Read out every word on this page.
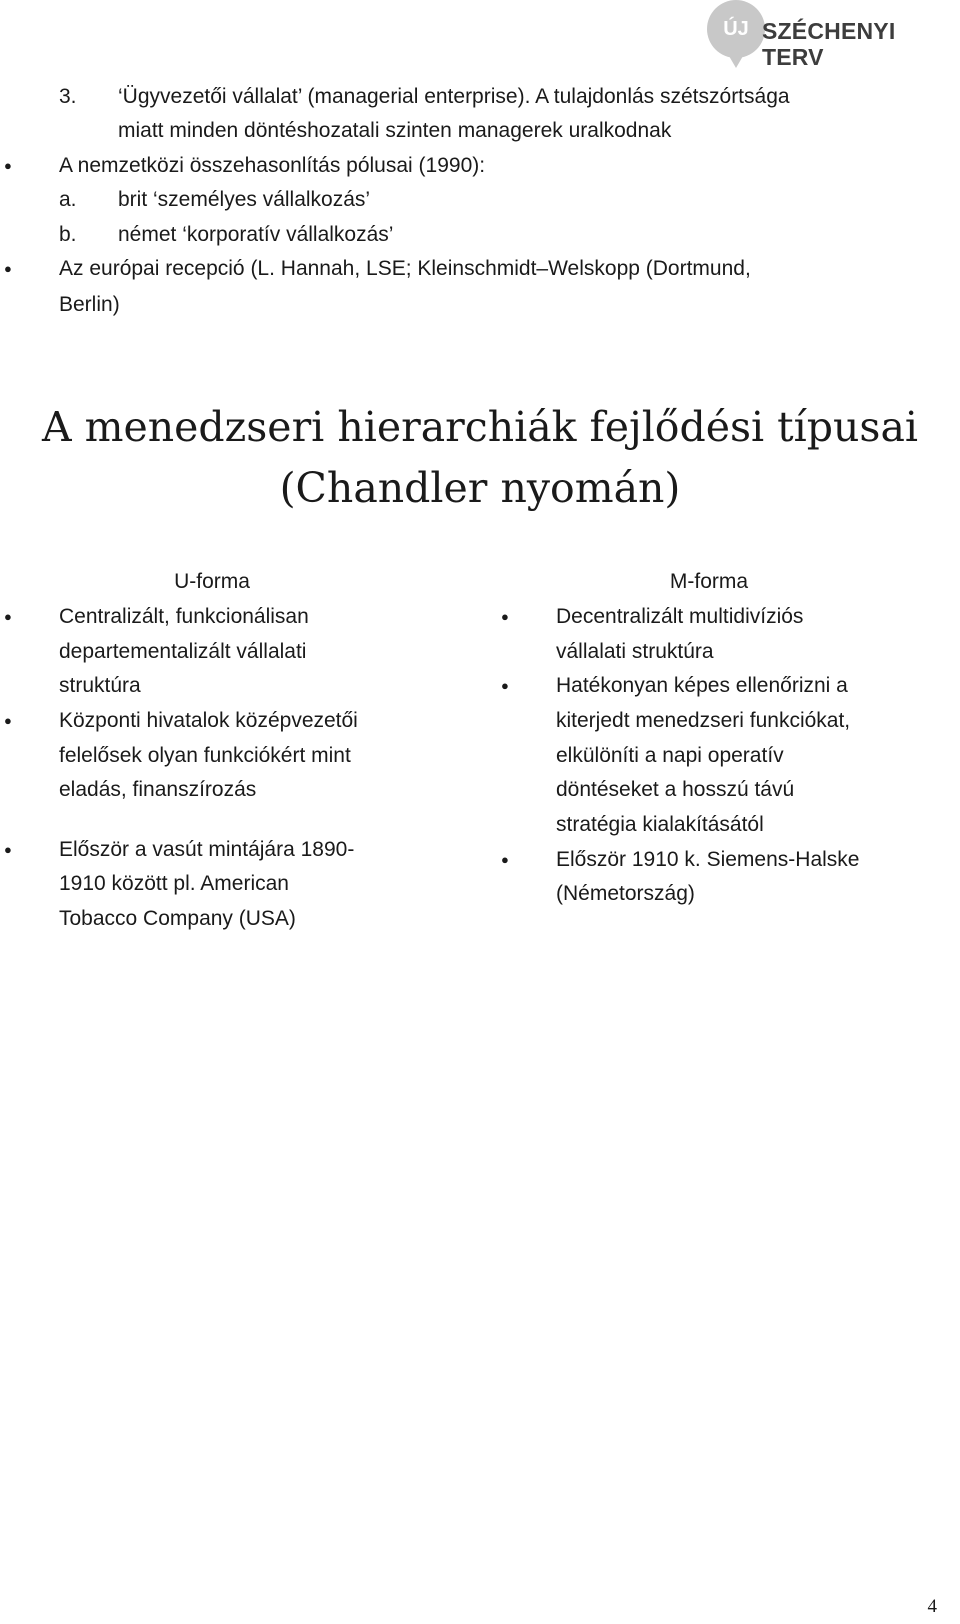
ÚJ SZÉCHENYI TERV
3. ‘Ügyvezetői vállalat’ (managerial enterprise). A tulajdonlás szétszórtsága
miatt minden döntéshozatali szinten managerek uralkodnak
● A nemzetközi összehasonlítás pólusai (1990):
a. brit ‘személyes vállalkozás’
b. német ‘korporatív vállalkozás’
● Az európai recepció (L. Hannah, LSE; Kleinschmidt–Welskopp (Dortmund,
Berlin)
A menedzseri hierarchiák fejlődési típusai
(Chandler nyomán)
U-forma
● Centralizált, funkcionálisan
departementalizált vállalati
struktúra
● Központi hivatalok középvezetői
felelősek olyan funkciókért mint
eladás, finanszírozás
● Először a vasút mintájára 1890-
1910 között pl. American
Tobacco Company (USA)
M-forma
● Decentralizált multidivíziós
vállalati struktúra
● Hatékonyan képes ellenőrizni a
kiterjedt menedzseri funkciókat,
elkülöníti a napi operatív
döntéseket a hosszú távú
stratégia kialakításától
● Először 1910 k. Siemens-Halske
(Németország)
4
